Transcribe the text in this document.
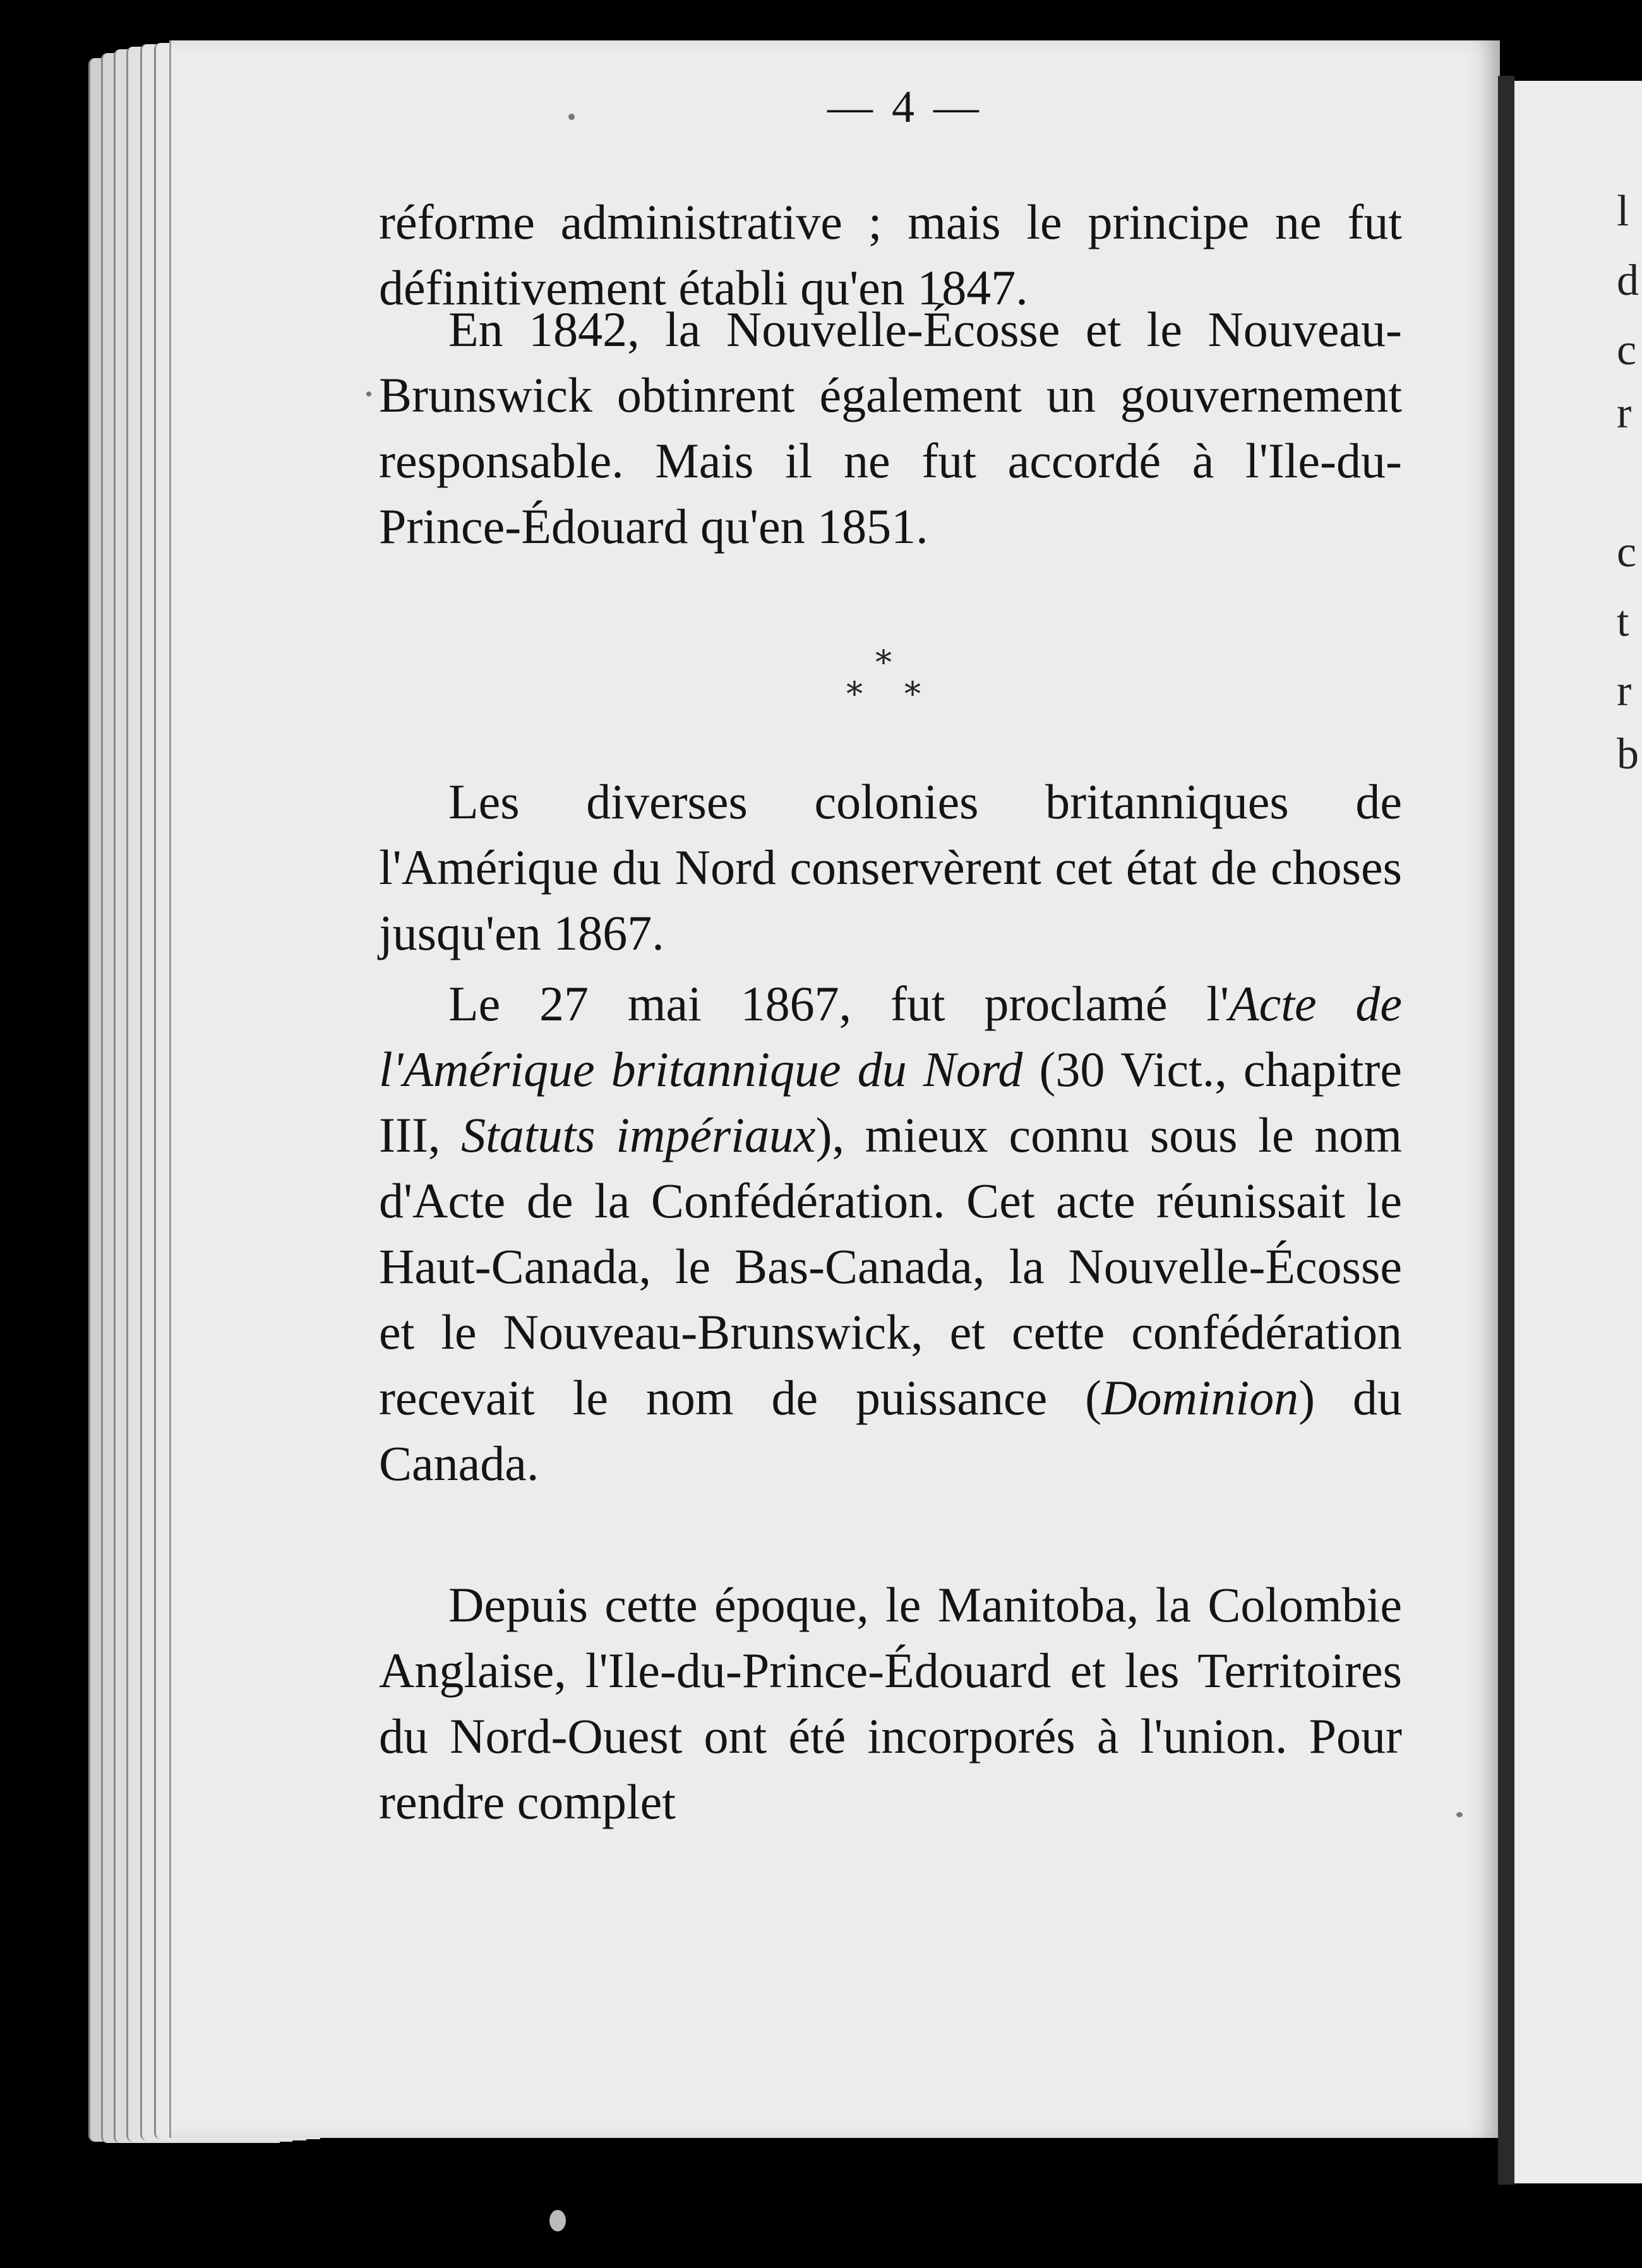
l
d
c
r
c
t
r
b
— 4 —

réforme administrative ; mais le principe ne fut définitivement établi qu'en 1847.

En 1842, la Nouvelle-Écosse et le Nouveau-Brunswick obtinrent également un gouvernement responsable. Mais il ne fut accordé à l'Ile-du-Prince-Édouard qu'en 1851.

*
* *

Les diverses colonies britanniques de l'Amérique du Nord conservèrent cet état de choses jusqu'en 1867.

Le 27 mai 1867, fut proclamé l'Acte de l'Amérique britannique du Nord (30 Vict., chapitre III, Statuts impériaux), mieux connu sous le nom d'Acte de la Confédération. Cet acte réunissait le Haut-Canada, le Bas-Canada, la Nouvelle-Écosse et le Nouveau-Brunswick, et cette confédération recevait le nom de puissance (Dominion) du Canada.

Depuis cette époque, le Manitoba, la Colombie Anglaise, l'Ile-du-Prince-Édouard et les Territoires du Nord-Ouest ont été incorporés à l'union. Pour rendre complet
